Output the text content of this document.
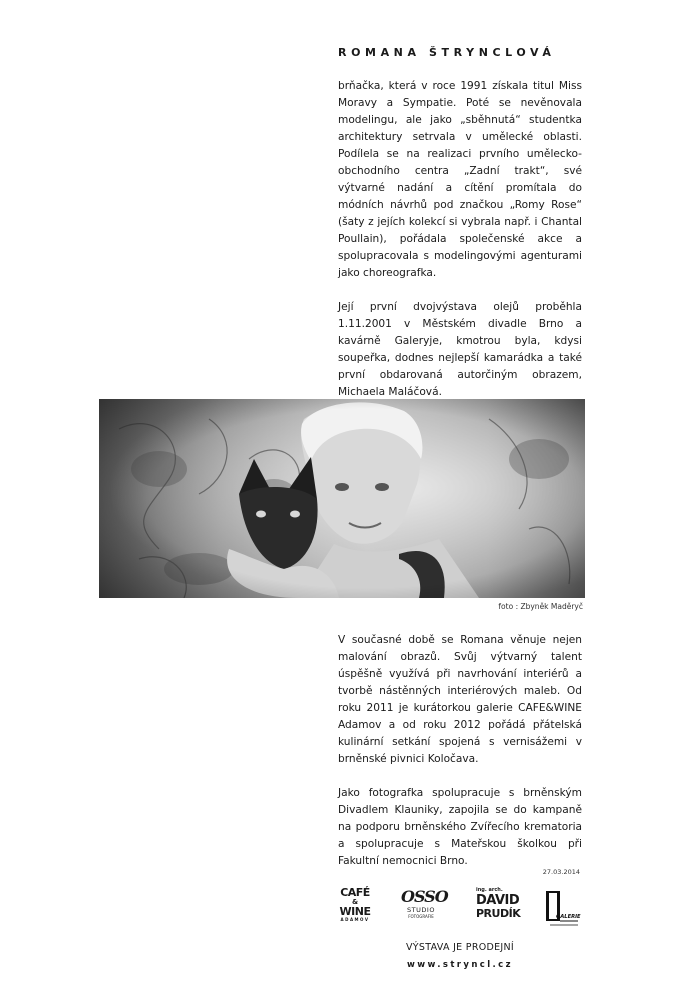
ROMANA ŠTRYNCLOVÁ

brňačka, která v roce 1991 získala titul Miss Moravy a Sympatie. Poté se nevěnovala modelingu, ale jako „sběhnutá“ studentka architektury setrvala v umělecké oblasti. Podílela se na realizaci prvního umělecko-obchodního centra „Zadní trakt“, své výtvarné nadání a cítění promítala do módních návrhů pod značkou „Romy Rose“ (šaty z jejích kolekcí si vybrala např. i Chantal Poullain), pořádala společenské akce a spolupracovala s modelingovými agenturami jako choreografka.

Její první dvojvýstava olejů proběhla 1.11.2001 v Městském divadle Brno a kavárně Galeryje, kmotrou byla, kdysi soupeřka, dodnes nejlepší kamarádka a také první obdarovaná autorčiným obrazem, Michaela Maláčová.

foto : Zbyněk Maděryč

V současné době se Romana věnuje nejen malování obrazů. Svůj výtvarný talent úspěšně využívá při navrhování interiérů a tvorbě nástěnných interiérových maleb. Od roku 2011 je kurátorkou galerie CAFE&WINE Adamov a od roku 2012 pořádá přátelská kulinární setkání spojená s vernisážemi v brněnské pivnici Koločava.

Jako fotografka spolupracuje s brněnským Divadlem Klauniky, zapojila se do kampaně na podporu brněnského Zvířecího krematoria a spolupracuje s Mateřskou školkou při Fakultní nemocnici Brno.

27.03.2014
CAFÉ
&
WINE
ADAMOV
OSSO
STUDIO
FOTOGRAFIE
ing. arch.
DAVID
PRUDÍK	GALERIE
VÝSTAVA JE PRODEJNÍ
www.stryncl.cz
